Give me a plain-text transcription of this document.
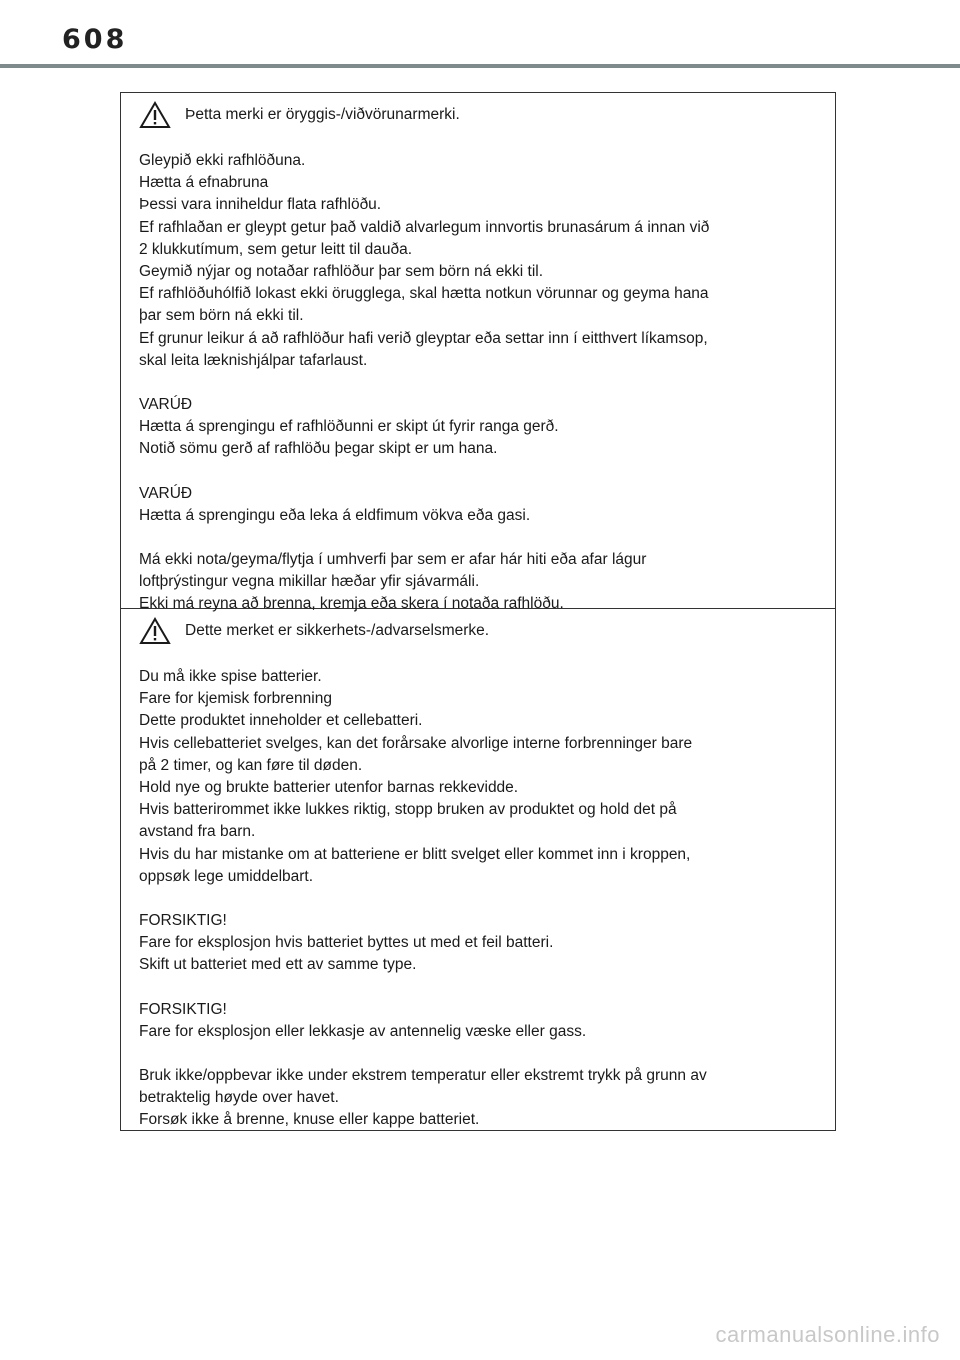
608
Þetta merki er öryggis-/viðvörunarmerki.
Gleypið ekki rafhlöðuna.
Hætta á efnabruna
Þessi vara inniheldur flata rafhlöðu.
Ef rafhlaðan er gleypt getur það valdið alvarlegum innvortis brunasárum á innan við
2 klukkutímum, sem getur leitt til dauða.
Geymið nýjar og notaðar rafhlöður þar sem börn ná ekki til.
Ef rafhlöðuhólfið lokast ekki örugglega, skal hætta notkun vörunnar og geyma hana
þar sem börn ná ekki til.
Ef grunur leikur á að rafhlöður hafi verið gleyptar eða settar inn í eitthvert líkamsop,
skal leita læknishjálpar tafarlaust.
VARÚÐ
Hætta á sprengingu ef rafhlöðunni er skipt út fyrir ranga gerð.
Notið sömu gerð af rafhlöðu þegar skipt er um hana.
VARÚÐ
Hætta á sprengingu eða leka á eldfimum vökva eða gasi.
Má ekki nota/geyma/flytja í umhverfi þar sem er afar hár hiti eða afar lágur
loftþrýstingur vegna mikillar hæðar yfir sjávarmáli.
Ekki má reyna að brenna, kremja eða skera í notaða rafhlöðu.
Dette merket er sikkerhets-/advarselsmerke.
Du må ikke spise batterier.
Fare for kjemisk forbrenning
Dette produktet inneholder et cellebatteri.
Hvis cellebatteriet svelges, kan det forårsake alvorlige interne forbrenninger bare
på 2 timer, og kan føre til døden.
Hold nye og brukte batterier utenfor barnas rekkevidde.
Hvis batterirommet ikke lukkes riktig, stopp bruken av produktet og hold det på
avstand fra barn.
Hvis du har mistanke om at batteriene er blitt svelget eller kommet inn i kroppen,
oppsøk lege umiddelbart.
FORSIKTIG!
Fare for eksplosjon hvis batteriet byttes ut med et feil batteri.
Skift ut batteriet med ett av samme type.
FORSIKTIG!
Fare for eksplosjon eller lekkasje av antennelig væske eller gass.
Bruk ikke/oppbevar ikke under ekstrem temperatur eller ekstremt trykk på grunn av
betraktelig høyde over havet.
Forsøk ikke å brenne, knuse eller kappe batteriet.
carmanualsonline.info
